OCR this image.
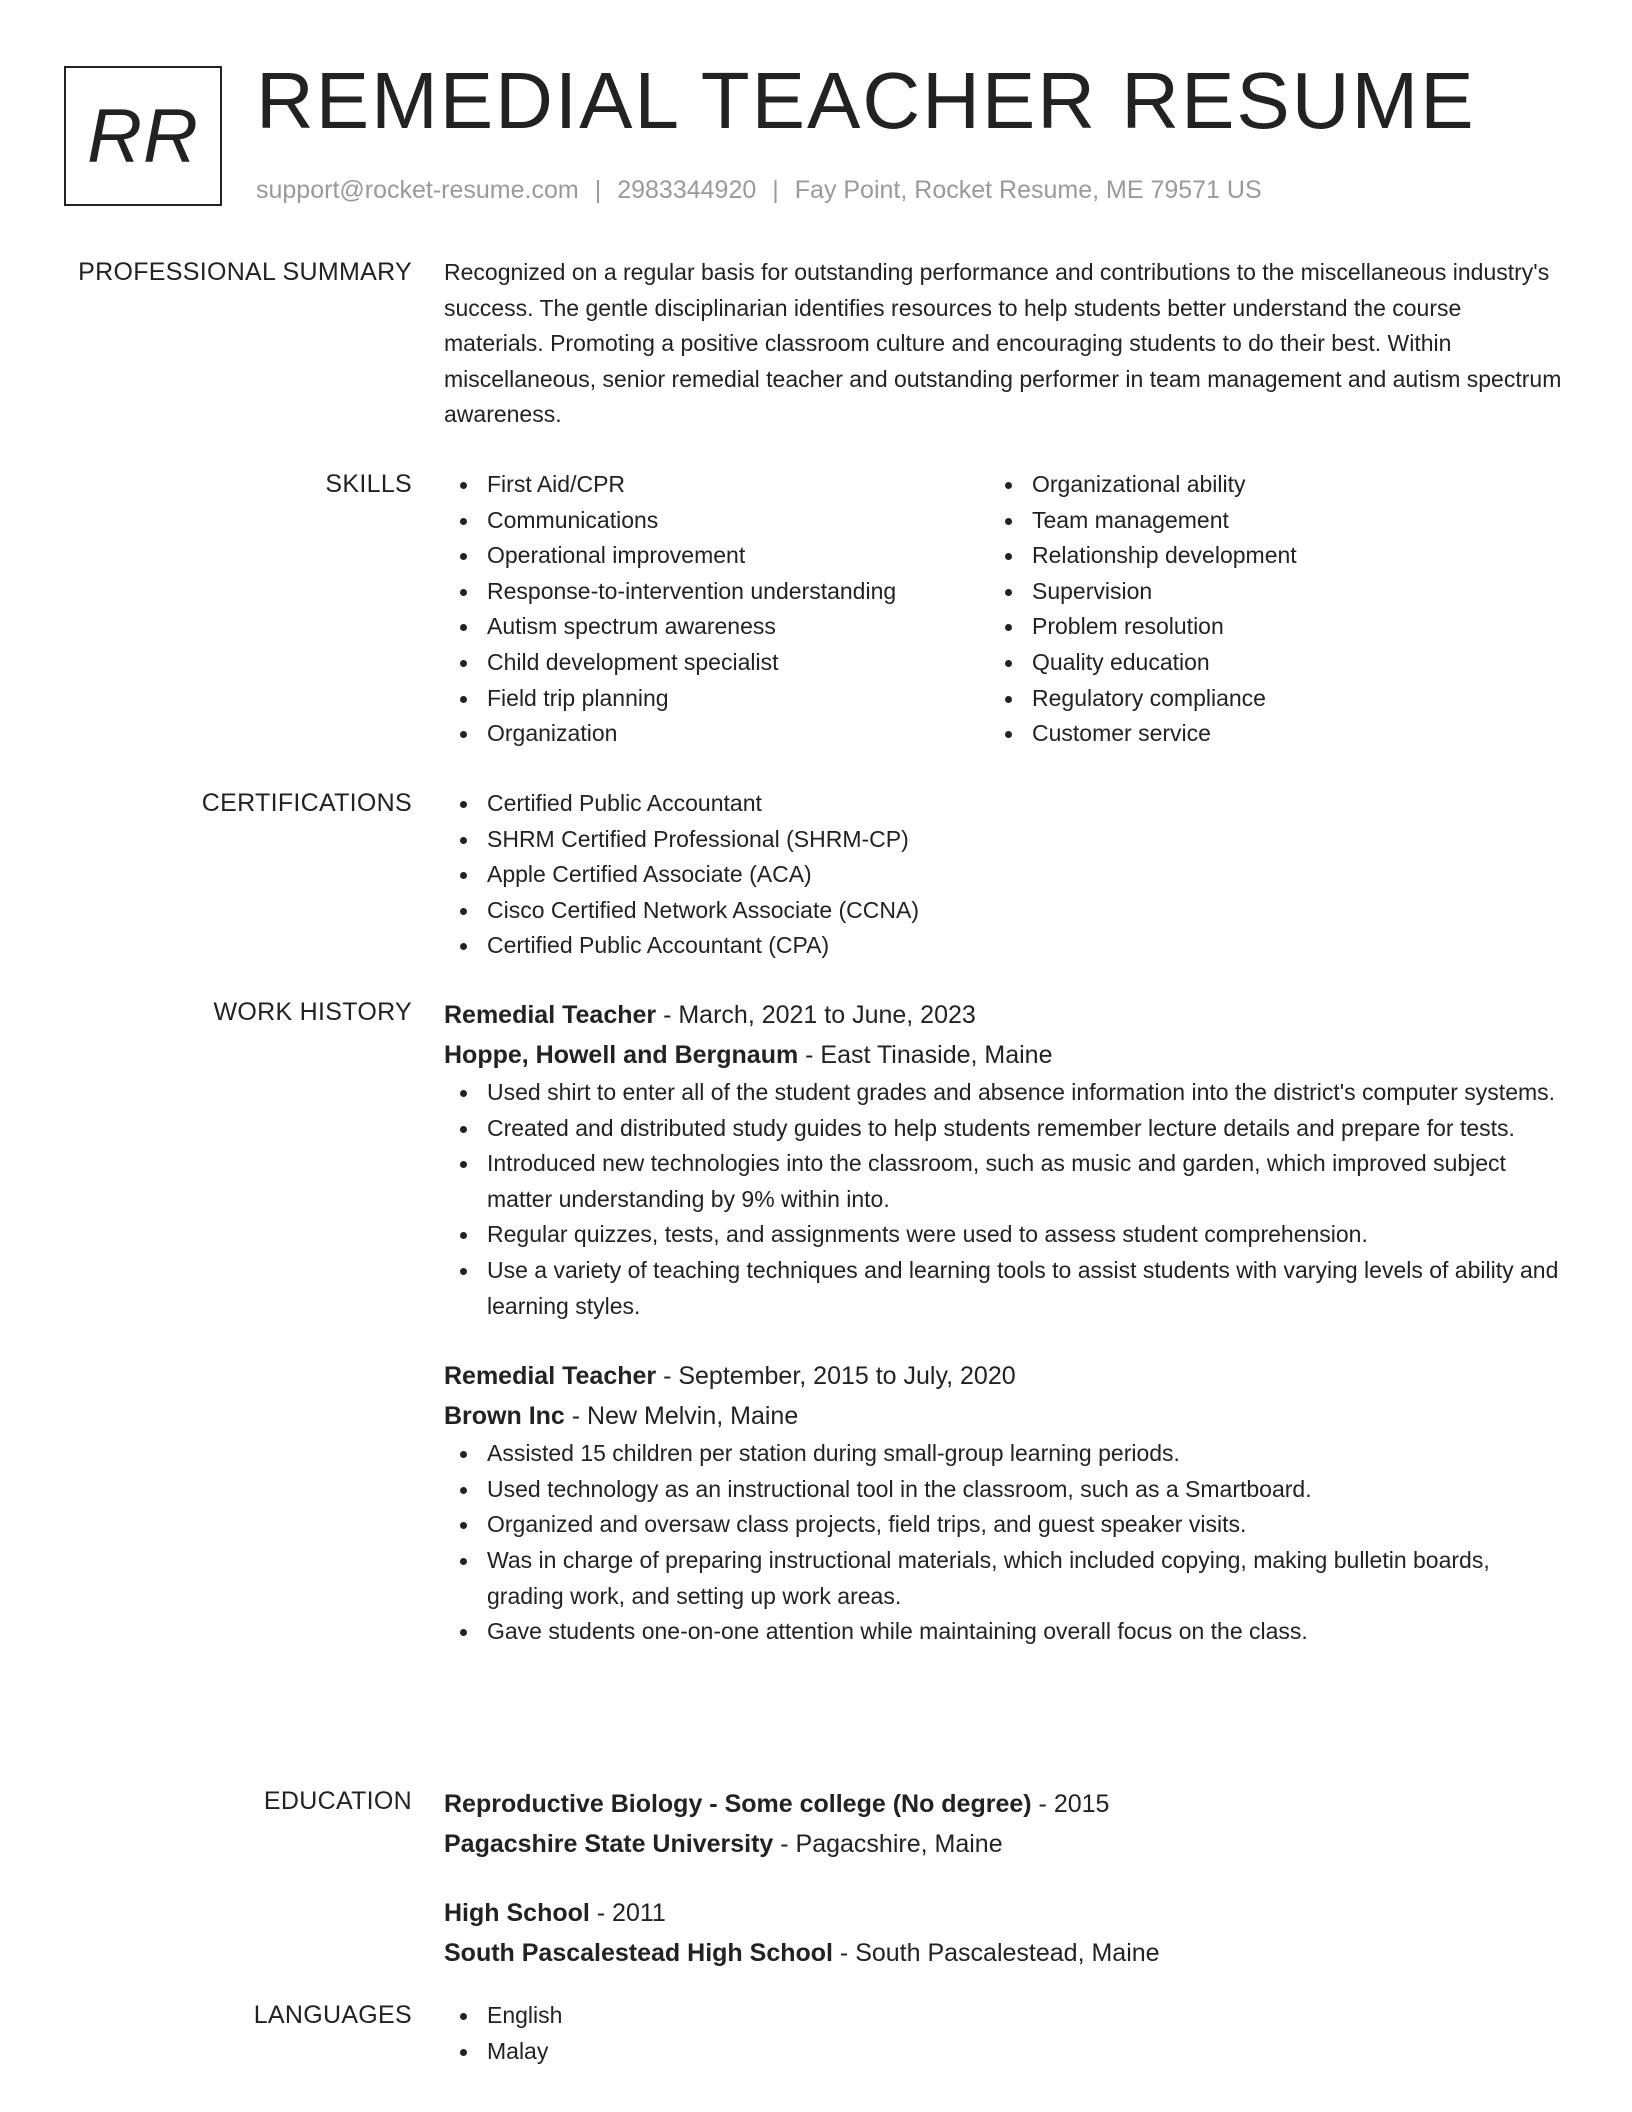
RR REMEDIAL TEACHER RESUME
support@rocket-resume.com | 2983344920 | Fay Point, Rocket Resume, ME 79571 US
PROFESSIONAL SUMMARY Recognized on a regular basis for outstanding performance and contributions to the miscellaneous industry's success. The gentle disciplinarian identifies resources to help students better understand the course materials. Promoting a positive classroom culture and encouraging students to do their best. Within miscellaneous, senior remedial teacher and outstanding performer in team management and autism spectrum awareness.

SKILLS	First Aid/CPR
Communications
Operational improvement
Response-to-intervention understanding
Autism spectrum awareness
Child development specialist
Field trip planning
Organization
Organizational ability
Team management
Relationship development
Supervision
Problem resolution
Quality education
Regulatory compliance
Customer service
CERTIFICATIONS	Certified Public Accountant
SHRM Certified Professional (SHRM-CP)
Apple Certified Associate (ACA)
Cisco Certified Network Associate (CCNA)
Certified Public Accountant (CPA)
WORK HISTORY Remedial Teacher - March, 2021 to June, 2023
Hoppe, Howell and Bergnaum - East Tinaside, Maine
Used shirt to enter all of the student grades and absence information into the district's computer systems.
Created and distributed study guides to help students remember lecture details and prepare for tests.
Introduced new technologies into the classroom, such as music and garden, which improved subject matter understanding by 9% within into.
Regular quizzes, tests, and assignments were used to assess student comprehension.
Use a variety of teaching techniques and learning tools to assist students with varying levels of ability and learning styles.
Remedial Teacher - September, 2015 to July, 2020
Brown Inc - New Melvin, Maine
Assisted 15 children per station during small-group learning periods.
Used technology as an instructional tool in the classroom, such as a Smartboard.
Organized and oversaw class projects, field trips, and guest speaker visits.
Was in charge of preparing instructional materials, which included copying, making bulletin boards, grading work, and setting up work areas.
Gave students one-on-one attention while maintaining overall focus on the class.
EDUCATION Reproductive Biology - Some college (No degree) - 2015
Pagacshire State University - Pagacshire, Maine
High School - 2011
South Pascalestead High School - South Pascalestead, Maine
LANGUAGES	English
Malay
